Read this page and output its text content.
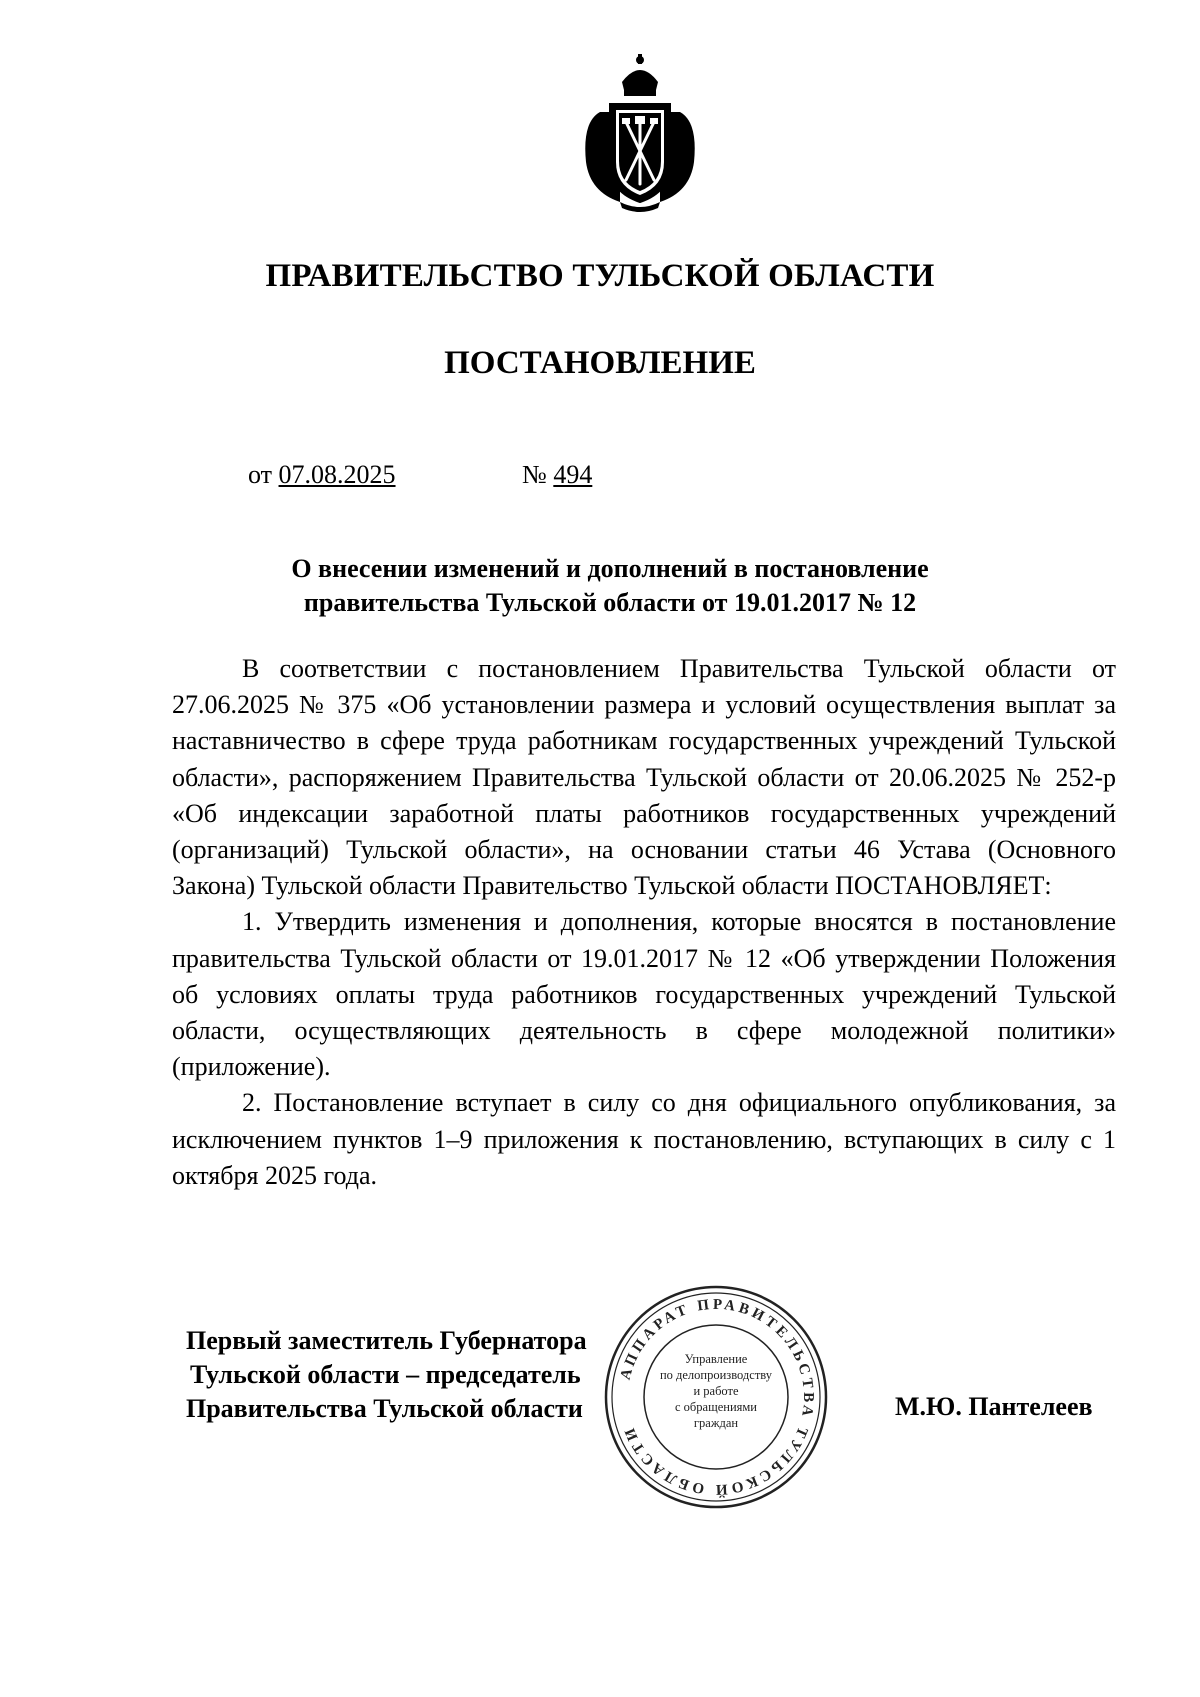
ПРАВИТЕЛЬСТВО ТУЛЬСКОЙ ОБЛАСТИ
ПОСТАНОВЛЕНИЕ
от 07.08.2025	№ 494
О внесении изменений и дополнений в постановление
правительства Тульской области от 19.01.2017 № 12

В соответствии с постановлением Правительства Тульской области от 27.06.2025 № 375 «Об установлении размера и условий осуществления выплат за наставничество в сфере труда работникам государственных учреждений Тульской области», распоряжением Правительства Тульской области от 20.06.2025 № 252-р «Об индексации заработной платы работников государственных учреждений (организаций) Тульской области», на основании статьи 46 Устава (Основного Закона) Тульской области Правительство Тульской области ПОСТАНОВЛЯЕТ:

1. Утвердить изменения и дополнения, которые вносятся в постановление правительства Тульской области от 19.01.2017 № 12 «Об утверждении Положения об условиях оплаты труда работников государственных учреждений Тульской области, осуществляющих деятельность в сфере молодежной политики» (приложение).

2. Постановление вступает в силу со дня официального опубликования, за исключением пунктов 1–9 приложения к постановлению, вступающих в силу с 1 октября 2025 года.

Первый заместитель Губернатора
Тульской области – председатель
Правительства Тульской области	М.Ю. Пантелеев
АППАРАТ ПРАВИТЕЛЬСТВА ТУЛЬСКОЙ ОБЛАСТИ
Управление
по делопроизводству
и работе
с обращениями
граждан
